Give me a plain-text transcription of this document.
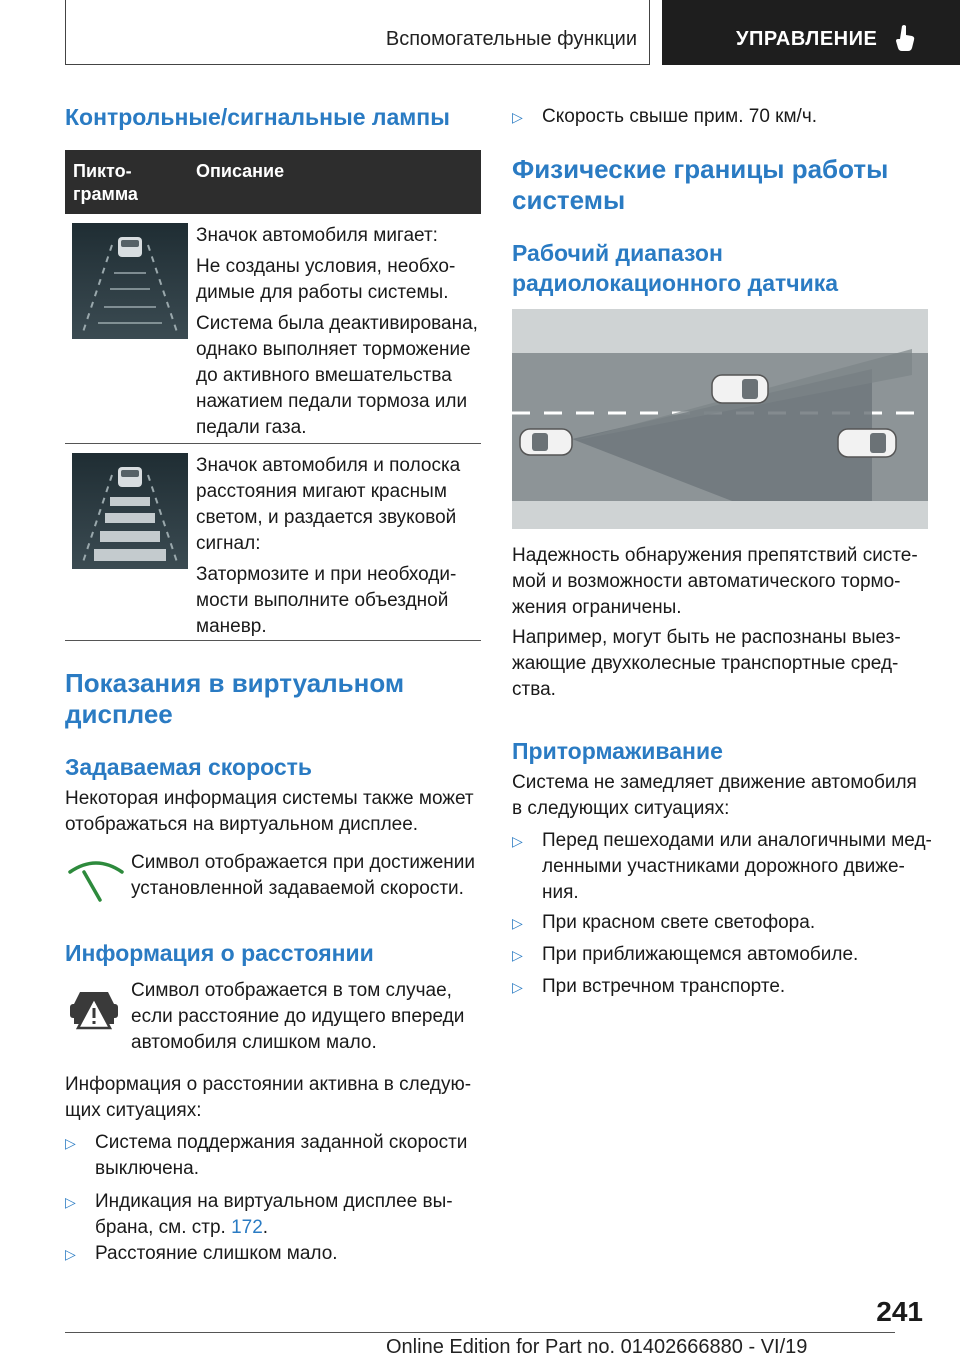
Вспомогательные функции	УПРАВЛЕНИЕ
Контрольные/сигнальные лампы
Пикто-
грамма
Описание
Значок автомобиля мигает:
Не созданы условия, необхо-
димые для работы системы.
Система была деактивирована,
однако выполняет торможение
до активного вмешательства
нажатием педали тормоза или
педали газа.
Значок автомобиля и полоска
расстояния мигают красным
светом, и раздается звуковой
сигнал:
Затормозите и при необходи-
мости выполните объездной
маневр.
Показания в виртуальном
дисплее
Задаваемая скорость
Некоторая информация системы также может
отображаться на виртуальном дисплее.
Символ отображается при достижении
установленной задаваемой скорости.
Информация о расстоянии
Символ отображается в том случае,
если расстояние до идущего впереди
автомобиля слишком мало.
Информация о расстоянии активна в следую-
щих ситуациях:
▷ Система поддержания заданной скорости
выключена.
▷ Индикация на виртуальном дисплее вы-
брана, см. стр. 172.
▷ Расстояние слишком мало.
▷ Скорость свыше прим. 70 км/ч.
Физические границы работы
системы
Рабочий диапазон
радиолокационного датчика
Надежность обнаружения препятствий систе-
мой и возможности автоматического тормо-
жения ограничены.
Например, могут быть не распознаны выез-
жающие двухколесные транспортные сред-
ства.
Притормаживание
Система не замедляет движение автомобиля
в следующих ситуациях:
▷ Перед пешеходами или аналогичными мед-
ленными участниками дорожного движе-
ния.
▷ При красном свете светофора.
▷ При приближающемся автомобиле.
▷ При встречном транспорте.
241
Online Edition for Part no. 01402666880 - VI/19
